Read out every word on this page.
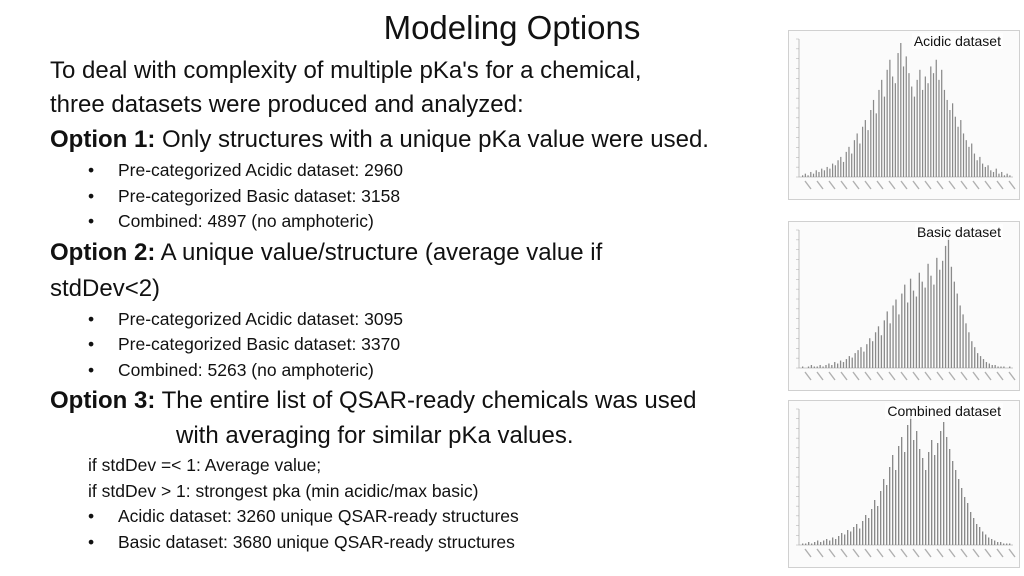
Modeling Options

To deal with complexity of multiple pKa's for a chemical,
three datasets were produced and analyzed:

Option 1: Only structures with a unique pKa value were used.

• Pre-categorized Acidic dataset: 2960
• Pre-categorized Basic dataset: 3158
• Combined: 4897 (no amphoteric)

Option 2: A unique value/structure (average value if
stdDev<2)

• Pre-categorized Acidic dataset: 3095
• Pre-categorized Basic dataset: 3370
• Combined: 5263 (no amphoteric)

Option 3: The entire list of QSAR-ready chemicals was used

with averaging for similar pKa values.

if stdDev =< 1: Average value;

if stdDev > 1: strongest pka (min acidic/max basic)

• Acidic dataset: 3260 unique QSAR-ready structures
• Basic dataset: 3680 unique QSAR-ready structures
Acidic dataset
Basic dataset
Combined dataset
